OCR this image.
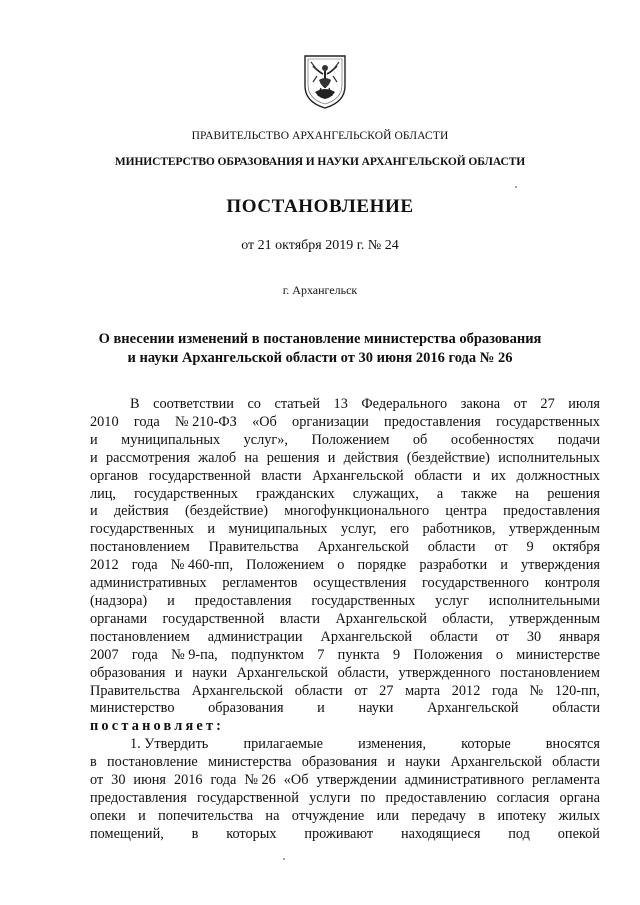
ПРАВИТЕЛЬСТВО АРХАНГЕЛЬСКОЙ ОБЛАСТИ
МИНИСТЕРСТВО ОБРАЗОВАНИЯ И НАУКИ АРХАНГЕЛЬСКОЙ ОБЛАСТИ
ПОСТАНОВЛЕНИЕ
от 21 октября 2019 г. № 24
г. Архангельск
О внесении изменений в постановление министерства образования
и науки Архангельской области от 30 июня 2016 года № 26
В соответствии со статьей 13 Федерального закона от 27 июля
2010 года № 210-ФЗ «Об организации предоставления государственных
и муниципальных услуг», Положением об особенностях подачи
и рассмотрения жалоб на решения и действия (бездействие) исполнительных
органов государственной власти Архангельской области и их должностных
лиц, государственных гражданских служащих, а также на решения
и действия (бездействие) многофункционального центра предоставления
государственных и муниципальных услуг, его работников, утвержденным
постановлением Правительства Архангельской области от 9 октября
2012 года № 460-пп, Положением о порядке разработки и утверждения
административных регламентов осуществления государственного контроля
(надзора) и предоставления государственных услуг исполнительными
органами государственной власти Архангельской области, утвержденным
постановлением администрации Архангельской области от 30 января
2007 года № 9-па, подпунктом 7 пункта 9 Положения о министерстве
образования и науки Архангельской области, утвержденного постановлением
Правительства Архангельской области от 27 марта 2012 года № 120-пп,
министерство образования и науки Архангельской области
постановляет:
1. Утвердить прилагаемые изменения, которые вносятся
в постановление министерства образования и науки Архангельской области
от 30 июня 2016 года № 26 «Об утверждении административного регламента
предоставления государственной услуги по предоставлению согласия органа
опеки и попечительства на отчуждение или передачу в ипотеку жилых
помещений, в которых проживают находящиеся под опекой
